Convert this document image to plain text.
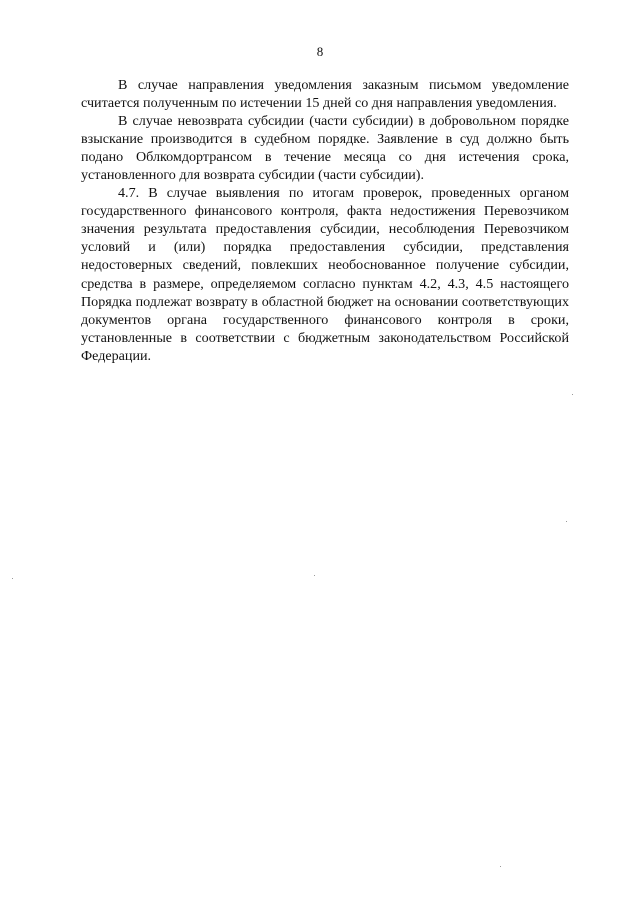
8

В случае направления уведомления заказным письмом уведомление считается полученным по истечении 15 дней со дня направления уведомления.

В случае невозврата субсидии (части субсидии) в добровольном порядке взыскание производится в судебном порядке. Заявление в суд должно быть подано Облкомдортрансом в течение месяца со дня истечения срока, установленного для возврата субсидии (части субсидии).

4.7. В случае выявления по итогам проверок, проведенных органом государственного финансового контроля, факта недостижения Перевозчиком значения результата предоставления субсидии, несоблюдения Перевозчиком условий и (или) порядка предоставления субсидии, представления недостоверных сведений, повлекших необоснованное получение субсидии, средства в размере, определяемом согласно пунктам 4.2, 4.3, 4.5 настоящего Порядка подлежат возврату в областной бюджет на основании соответствующих документов органа государственного финансового контроля в сроки, установленные в соответствии с бюджетным законодательством Российской Федерации.
